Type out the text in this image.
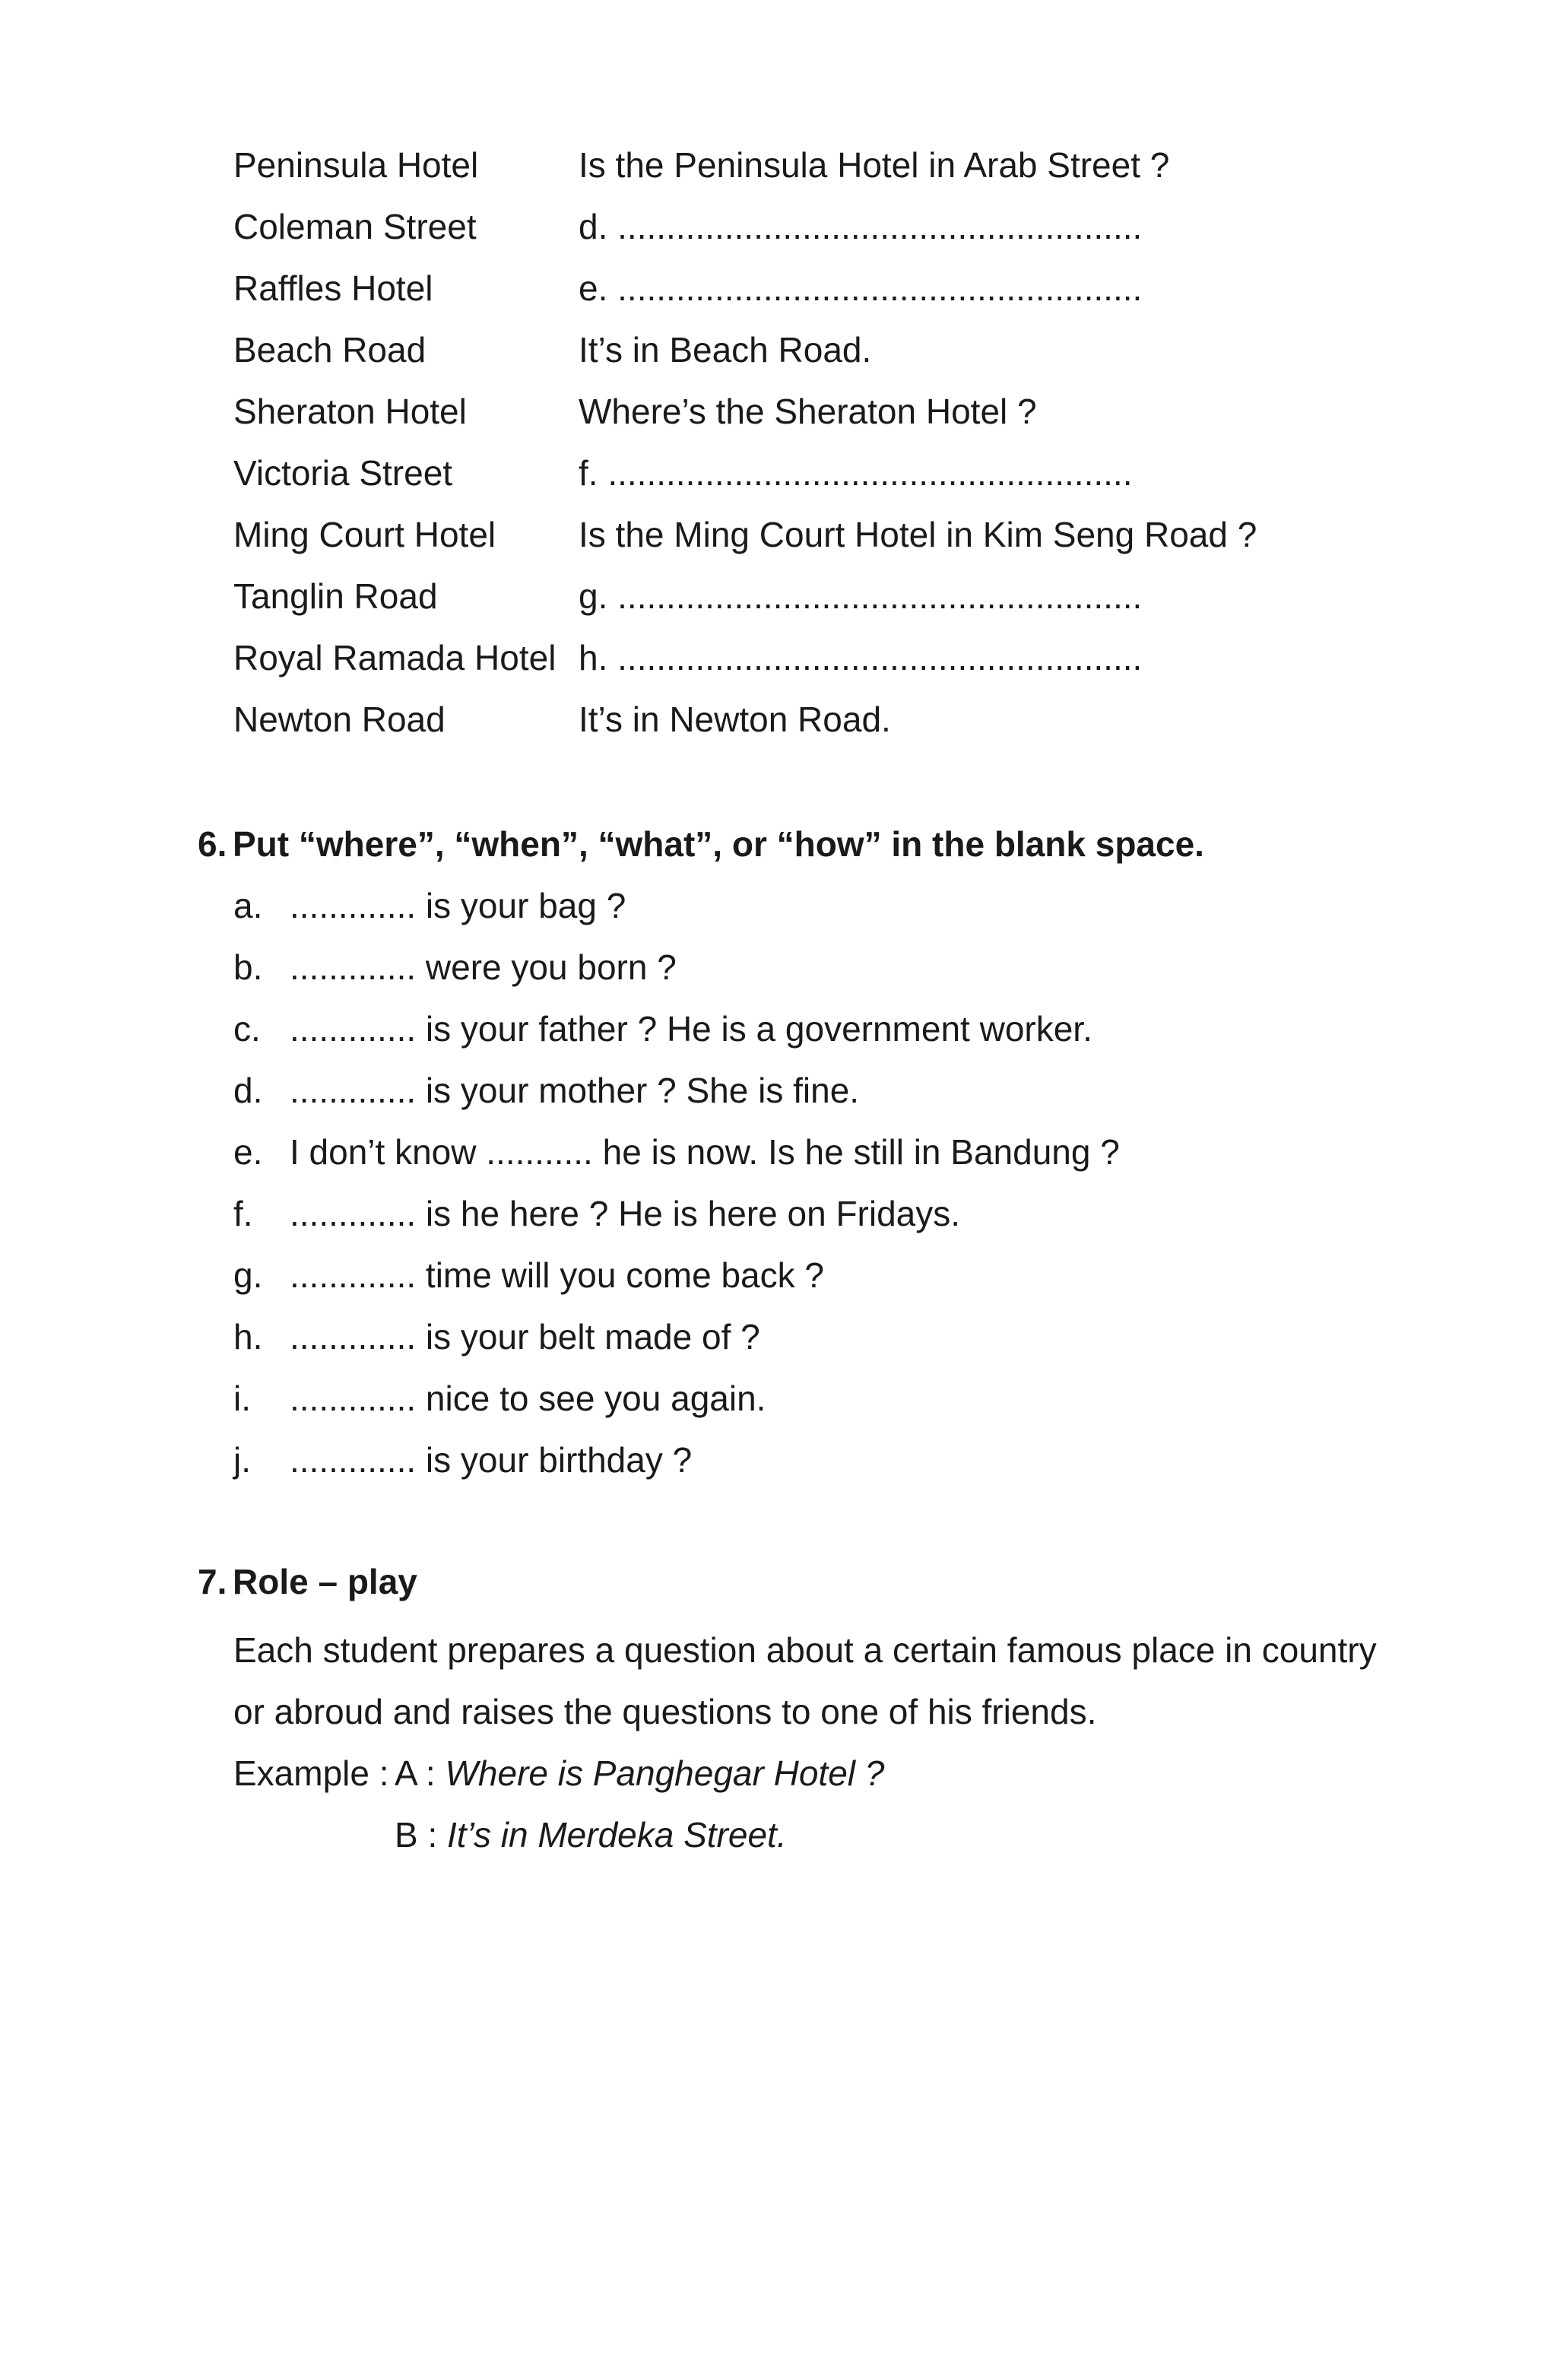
Peninsula Hotel	Is the Peninsula Hotel in Arab Street ?
Coleman Street	d. ......................................................
Raffles Hotel	e. ......................................................
Beach Road	It’s in Beach Road.
Sheraton Hotel	Where’s the Sheraton Hotel ?
Victoria Street	f. ......................................................
Ming Court Hotel	Is the Ming Court Hotel in Kim Seng Road ?
Tanglin Road	g. ......................................................
Royal Ramada Hotel h. ......................................................
Newton Road	It’s in Newton Road.
6. Put “where”, “when”, “what”, or “how” in the blank space.
a. ............. is your bag ?
b. ............. were you born ?
c. ............. is your father ? He is a government worker.
d. ............. is your mother ? She is fine.
e. I don’t know ........... he is now. Is he still in Bandung ?
f.	............. is he here ? He is here on Fridays.
g. ............. time will you come back ?
h. ............. is your belt made of ?
i.	............. nice to see you again.
j.	............. is your birthday ?
7. Role – play

Each student prepares a question about a certain famous place in country

or abroud and raises the questions to one of his friends.

Example : A : Where is Panghegar Hotel ?
B : It’s in Merdeka Street.
